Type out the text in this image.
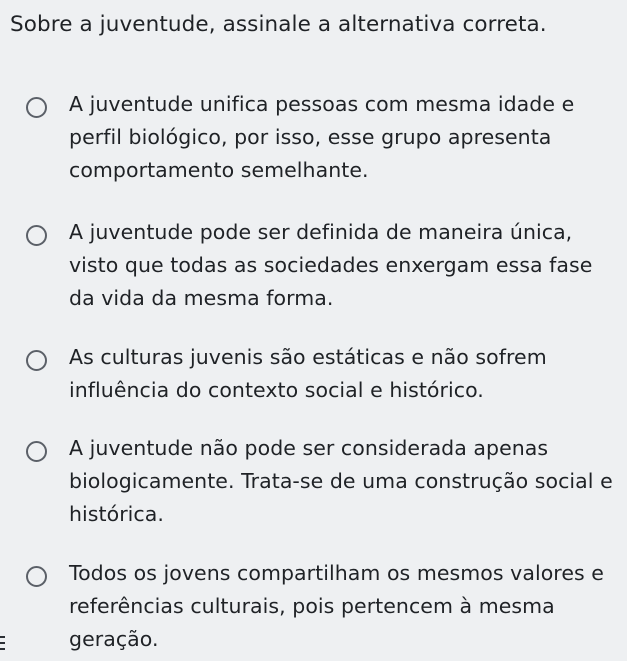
Sobre a juventude, assinale a alternativa correta.
A juventude unifica pessoas com mesma idade e perfil biológico, por isso, esse grupo apresenta comportamento semelhante.
A juventude pode ser definida de maneira única, visto que todas as sociedades enxergam essa fase da vida da mesma forma.
As culturas juvenis são estáticas e não sofrem influência do contexto social e histórico.
A juventude não pode ser considerada apenas biologicamente. Trata-se de uma construção social e histórica.
Todos os jovens compartilham os mesmos valores e referências culturais, pois pertencem à mesma geração.
